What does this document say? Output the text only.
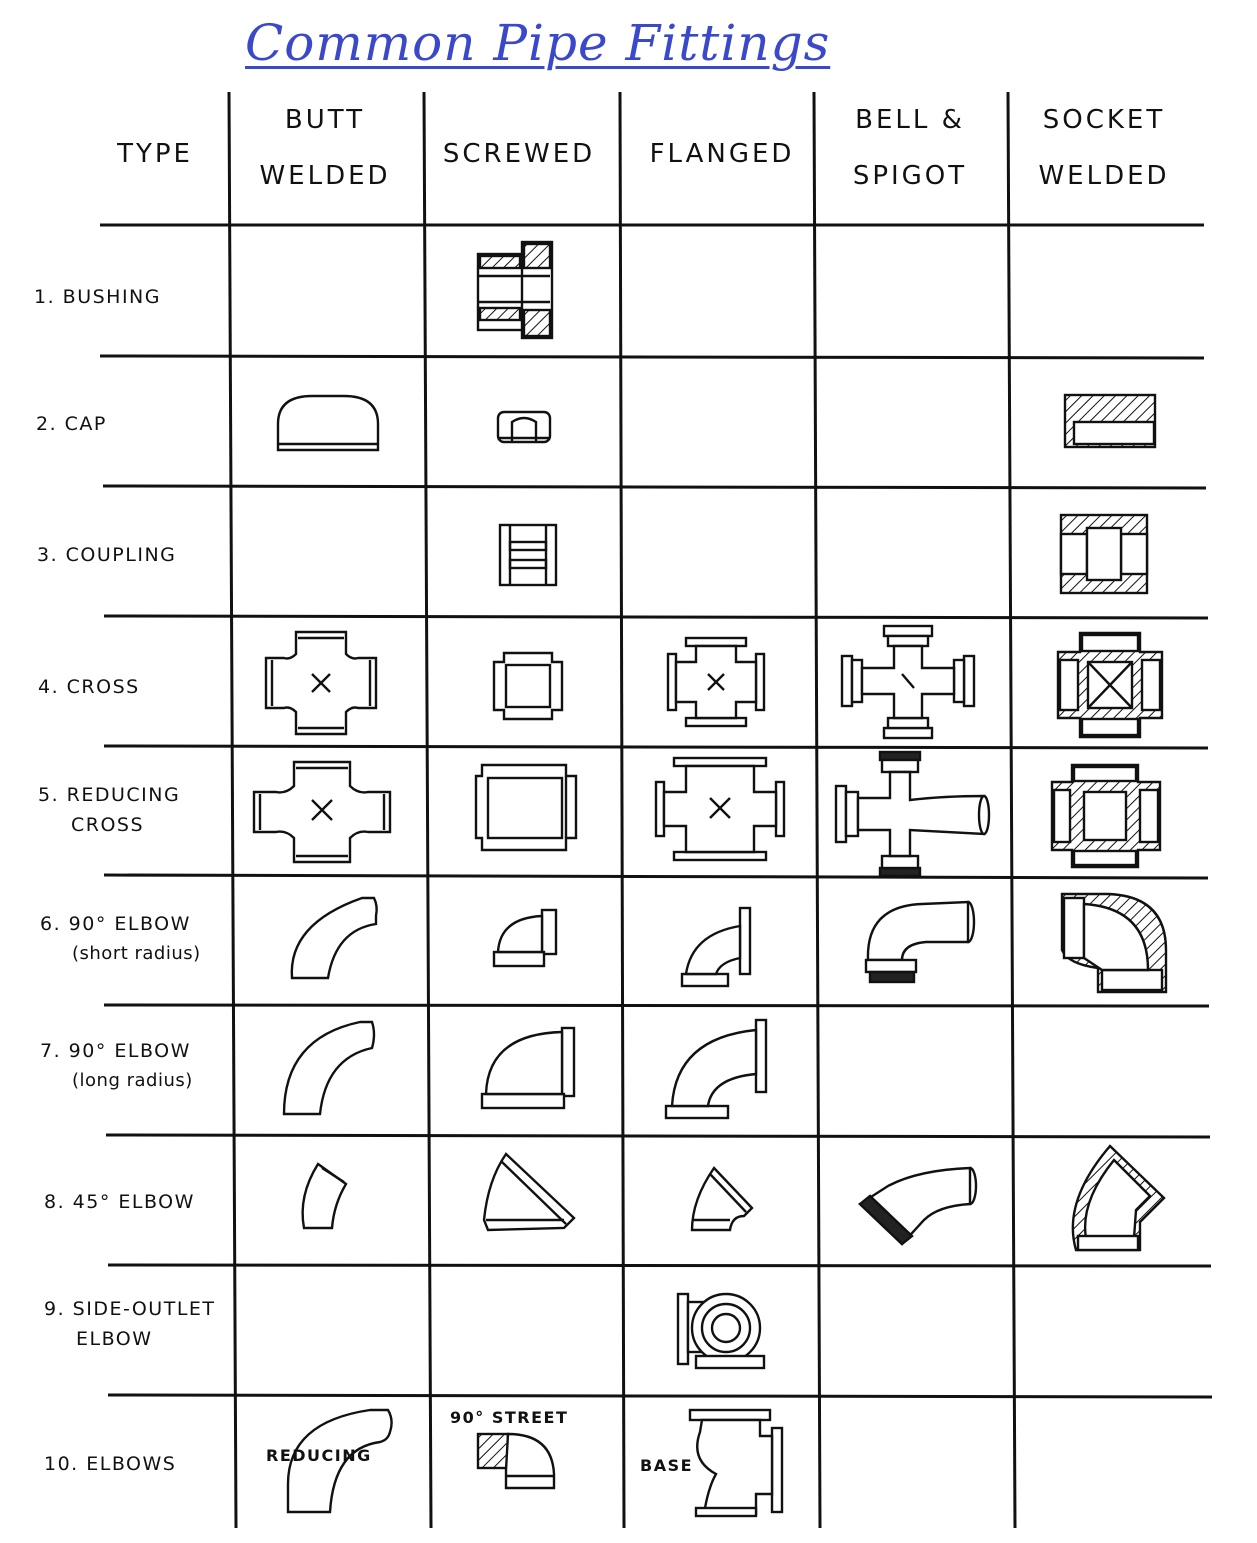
Common Pipe Fittings
TYPE
BUTT
WELDED
SCREWED	FLANGED
BELL &
SPIGOT
SOCKET
WELDED
1. BUSHING
2. CAP
3. COUPLING
4. CROSS
5. REDUCING
CROSS
6. 90° ELBOW
(short radius)
7. 90° ELBOW
(long radius)
8. 45° ELBOW
9. SIDE-OUTLET
ELBOW
10. ELBOWS	REDUCING
90° STREET
BASE
